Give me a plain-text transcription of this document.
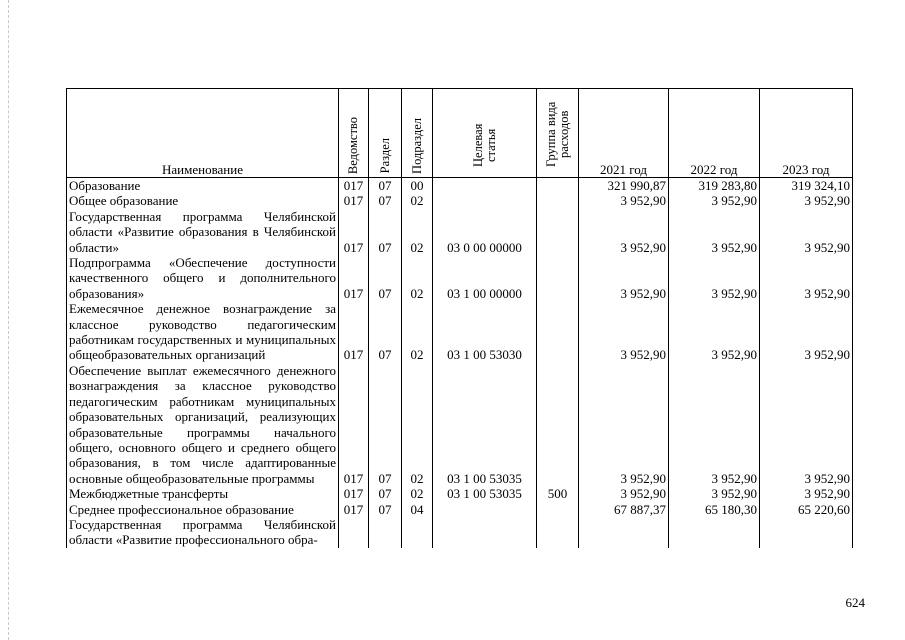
Наименование	Ведомство	Раздел	Подраздел	Целевая статья	Группа вида расходов	2021 год	2022 год	2023 год
Образование	017	07	00			321 990,87	319 283,80	319 324,10
Общее образование	017	07	02			3 952,90	3 952,90	3 952,90
Государственная программа Челябинской области «Развитие образования в Челябинской области»	017	07	02	03 0 00 00000		3 952,90	3 952,90	3 952,90
Подпрограмма «Обеспечение доступности качественного общего и дополнительного образования»	017	07	02	03 1 00 00000		3 952,90	3 952,90	3 952,90
Ежемесячное денежное вознаграждение за классное руководство педагогическим работникам государственных и муниципальных общеобразовательных организаций	017	07	02	03 1 00 53030		3 952,90	3 952,90	3 952,90
Обеспечение выплат ежемесячного денежного вознаграждения за классное руководство педагогическим работникам муниципальных образовательных организаций, реализующих образовательные программы начального общего, основного общего и среднего общего образования, в том числе адаптированные основные общеобразовательные программы	017	07	02	03 1 00 53035		3 952,90	3 952,90	3 952,90
Межбюджетные трансферты	017	07	02	03 1 00 53035	500	3 952,90	3 952,90	3 952,90
Среднее профессиональное образование	017	07	04			67 887,37	65 180,30	65 220,60
Государственная программа Челябинской области «Развитие профессионального обра-								
624
